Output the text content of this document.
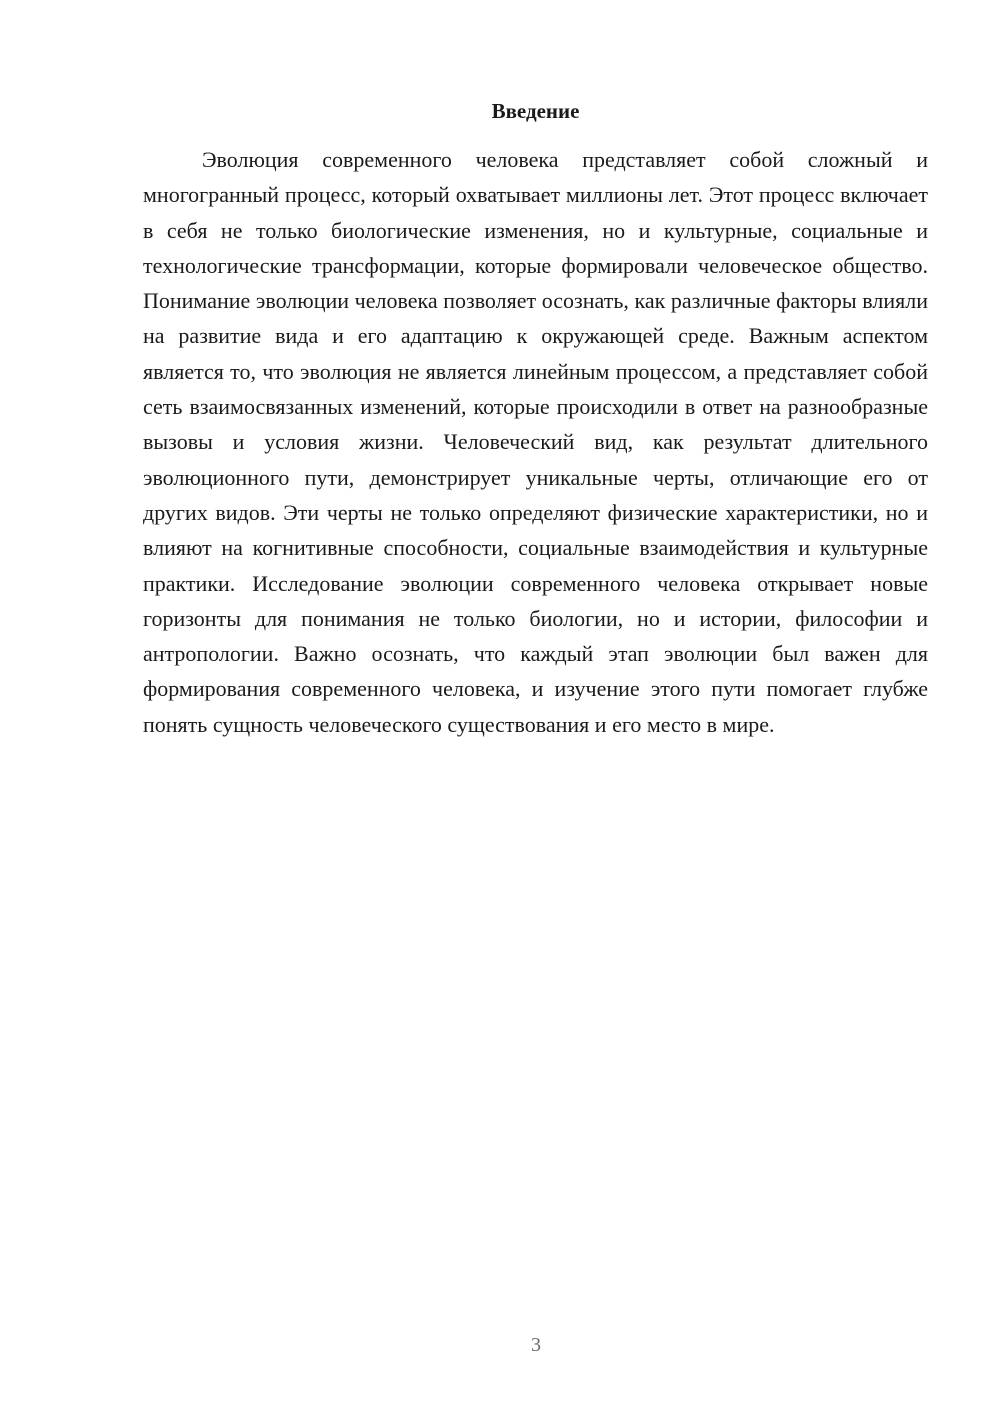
Введение

Эволюция современного человека представляет собой сложный и многогранный процесс, который охватывает миллионы лет. Этот процесс включает в себя не только биологические изменения, но и культурные, социальные и технологические трансформации, которые формировали человеческое общество. Понимание эволюции человека позволяет осознать, как различные факторы влияли на развитие вида и его адаптацию к окружающей среде. Важным аспектом является то, что эволюция не является линейным процессом, а представляет собой сеть взаимосвязанных изменений, которые происходили в ответ на разнообразные вызовы и условия жизни. Человеческий вид, как результат длительного эволюционного пути, демонстрирует уникальные черты, отличающие его от других видов. Эти черты не только определяют физические характеристики, но и влияют на когнитивные способности, социальные взаимодействия и культурные практики. Исследование эволюции современного человека открывает новые горизонты для понимания не только биологии, но и истории, философии и антропологии. Важно осознать, что каждый этап эволюции был важен для формирования современного человека, и изучение этого пути помогает глубже понять сущность человеческого существования и его место в мире.

3
